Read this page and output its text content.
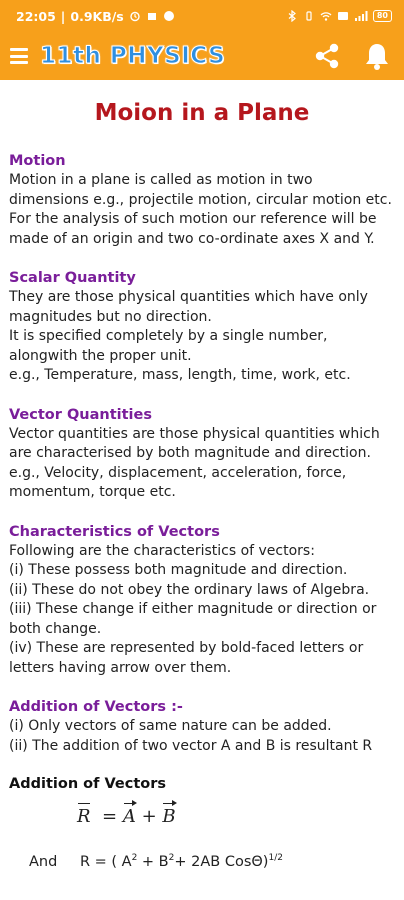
22:05 | 0.9KB/s	80
11th PHYSICS
Moion in a Plane
Motion

Motion in a plane is called as motion in two dimensions e.g., projectile motion, circular motion etc. For the analysis of such motion our reference will be made of an origin and two co-ordinate axes X and Y.

Scalar Quantity

They are those physical quantities which have only magnitudes but no direction.

It is specified completely by a single number, alongwith the proper unit.

e.g., Temperature, mass, length, time, work, etc.

Vector Quantities

Vector quantities are those physical quantities which are characterised by both magnitude and direction.

e.g., Velocity, displacement, acceleration, force, momentum, torque etc.

Characteristics of Vectors

Following are the characteristics of vectors:

(i) These possess both magnitude and direction.

(ii) These do not obey the ordinary laws of Algebra.

(iii) These change if either magnitude or direction or both change.

(iv) These are represented by bold-faced letters or letters having arrow over them.

Addition of Vectors :-

(i) Only vectors of same nature can be added.

(ii) The addition of two vector A and B is resultant R

Addition of Vectors
R = A + B
And R = ( $A^2 + B^2+ 2AB$ CosΘ)$^{1/2}$
